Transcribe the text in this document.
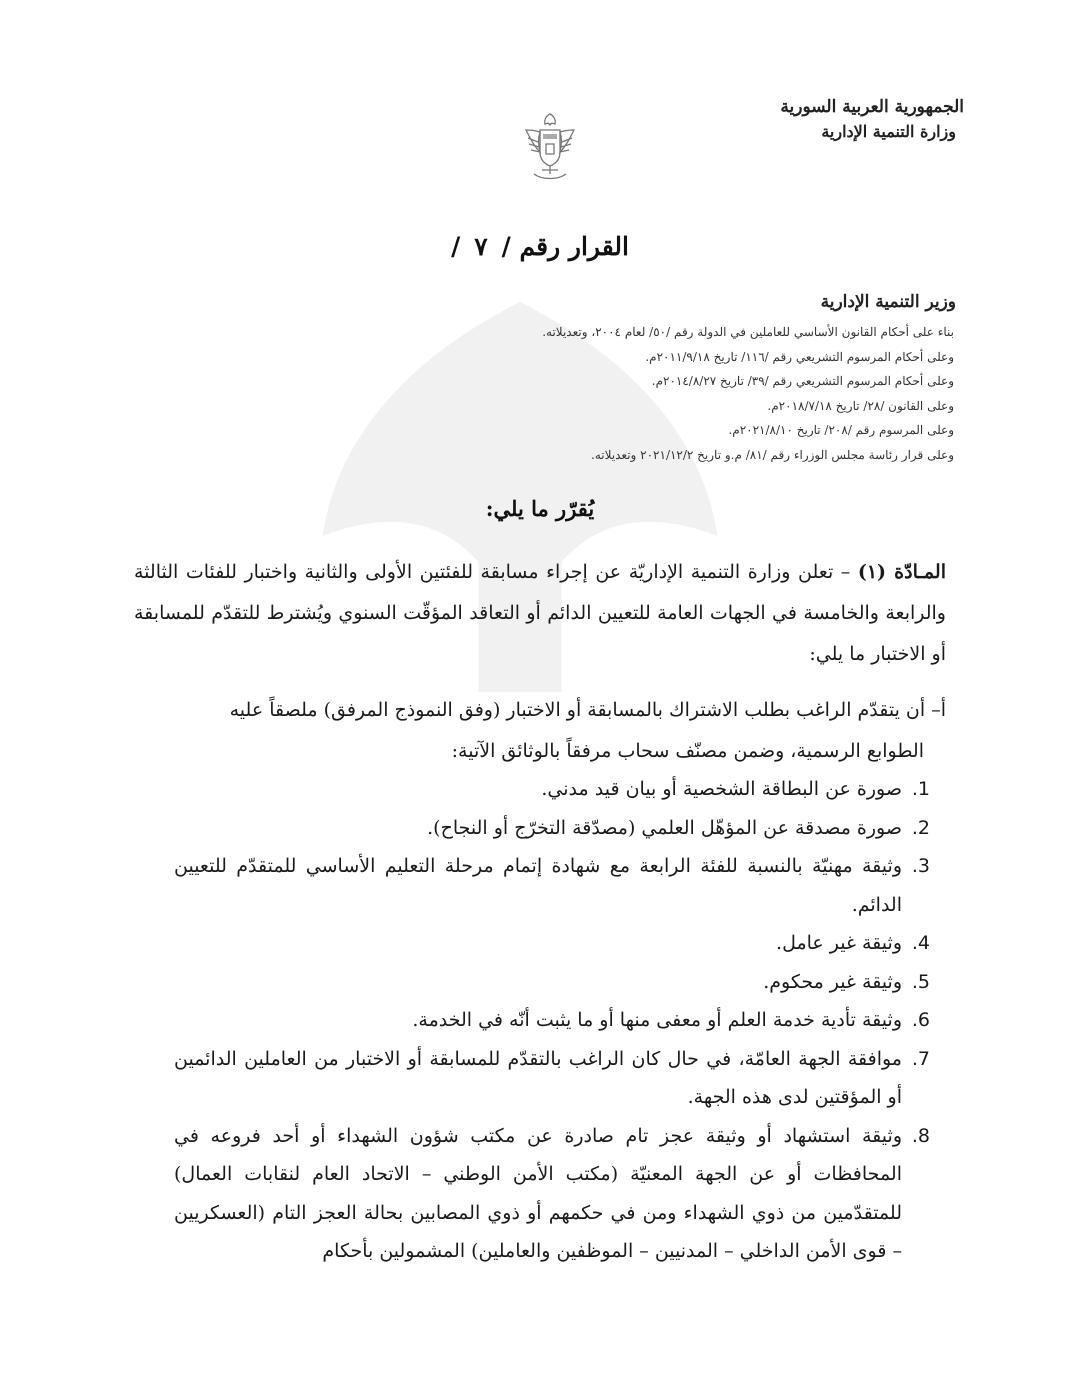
الجمهورية العربية السورية
وزارة التنمية الإدارية
القرار رقم /٧/
وزير التنمية الإدارية
بناء على أحكام القانون الأساسي للعاملين في الدولة رقم /٥٠/ لعام ٢٠٠٤، وتعديلاته.
وعلى أحكام المرسوم التشريعي رقم /١١٦/ تاريخ ٢٠١١/٩/١٨م.
وعلى أحكام المرسوم التشريعي رقم /٣٩/ تاريخ ٢٠١٤/٨/٢٧م.
وعلى القانون /٢٨/ تاريخ ٢٠١٨/٧/١٨م.
وعلى المرسوم رقم /٢٠٨/ تاريخ ٢٠٢١/٨/١٠م.
وعلى قرار رئاسة مجلس الوزراء رقم /٨١/ م.و تاريخ ٢٠٢١/١٢/٢ وتعديلاته.
يُقرّر ما يلي:
المـادّة (١) – تعلن وزارة التنمية الإداريّة عن إجراء مسابقة للفئتين الأولى والثانية واختبار للفئات الثالثة والرابعة والخامسة في الجهات العامة للتعيين الدائم أو التعاقد المؤقّت السنوي ويُشترط للتقدّم للمسابقة أو الاختبار ما يلي:
أ– أن يتقدّم الراغب بطلب الاشتراك بالمسابقة أو الاختبار (وفق النموذج المرفق) ملصقاً عليه
الطوابع الرسمية، وضمن مصنّف سحاب مرفقاً بالوثائق الآتية:
1.
صورة عن البطاقة الشخصية أو بيان قيد مدني.
2.
صورة مصدقة عن المؤهّل العلمي (مصدّقة التخرّج أو النجاح).
3.
وثيقة مهنيّة بالنسبة للفئة الرابعة مع شهادة إتمام مرحلة التعليم الأساسي للمتقدّم للتعيين الدائم.
4.
وثيقة غير عامل.
5.
وثيقة غير محكوم.
6.
وثيقة تأدية خدمة العلم أو معفى منها أو ما يثبت أنّه في الخدمة.
7.
موافقة الجهة العامّة، في حال كان الراغب بالتقدّم للمسابقة أو الاختبار من العاملين الدائمين أو المؤقتين لدى هذه الجهة.
8.
وثيقة استشهاد أو وثيقة عجز تام صادرة عن مكتب شؤون الشهداء أو أحد فروعه في المحافظات أو عن الجهة المعنيّة (مكتب الأمن الوطني – الاتحاد العام لنقابات العمال) للمتقدّمين من ذوي الشهداء ومن في حكمهم أو ذوي المصابين بحالة العجز التام (العسكريين – قوى الأمن الداخلي – المدنيين – الموظفين والعاملين) المشمولين بأحكام
